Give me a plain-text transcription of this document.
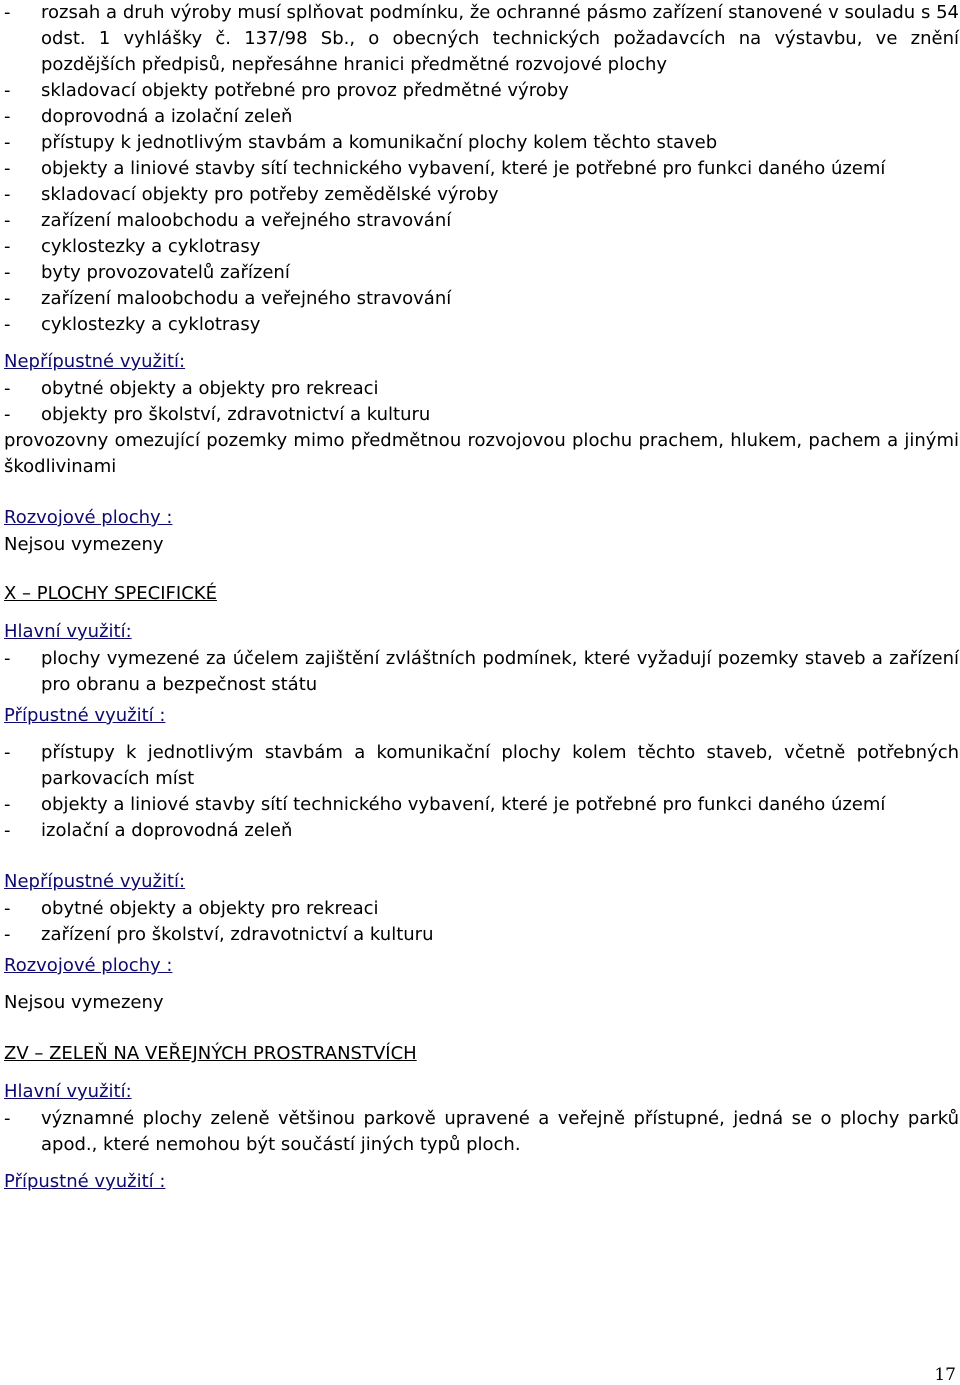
- rozsah a druh výroby musí splňovat podmínku, že ochranné pásmo zařízení stanovené v souladu s 54 odst. 1 vyhlášky č. 137/98 Sb., o obecných technických požadavcích na výstavbu, ve znění pozdějších předpisů, nepřesáhne hranici předmětné rozvojové plochy
- skladovací objekty potřebné pro provoz předmětné výroby
- doprovodná a izolační zeleň
- přístupy k jednotlivým stavbám a komunikační plochy kolem těchto staveb
- objekty a liniové stavby sítí technického vybavení, které je potřebné pro funkci daného území
- skladovací objekty pro potřeby zemědělské výroby
- zařízení maloobchodu a veřejného stravování
- cyklostezky a cyklotrasy
- byty provozovatelů zařízení
- zařízení maloobchodu a veřejného stravování
- cyklostezky a cyklotrasy
Nepřípustné využití:
- obytné objekty a objekty pro rekreaci
- objekty pro školství, zdravotnictví a kulturu
provozovny omezující pozemky mimo předmětnou rozvojovou plochu prachem, hlukem, pachem a jinými škodlivinami
Rozvojové plochy :
Nejsou vymezeny
X – PLOCHY SPECIFICKÉ
Hlavní využití:
- plochy vymezené za účelem zajištění zvláštních podmínek, které vyžadují pozemky staveb a zařízení pro obranu a bezpečnost státu
Přípustné využití :
- přístupy k jednotlivým stavbám a komunikační plochy kolem těchto staveb, včetně potřebných parkovacích míst
- objekty a liniové stavby sítí technického vybavení, které je potřebné pro funkci daného území
- izolační a doprovodná zeleň
Nepřípustné využití:
- obytné objekty a objekty pro rekreaci
- zařízení pro školství, zdravotnictví a kulturu
Rozvojové plochy :
Nejsou vymezeny
ZV – ZELEŇ NA VEŘEJNÝCH PROSTRANSTVÍCH
Hlavní využití:
- významné plochy zeleně většinou parkově upravené a veřejně přístupné, jedná se o plochy parků apod., které nemohou být součástí jiných typů ploch.
Přípustné využití :
17
